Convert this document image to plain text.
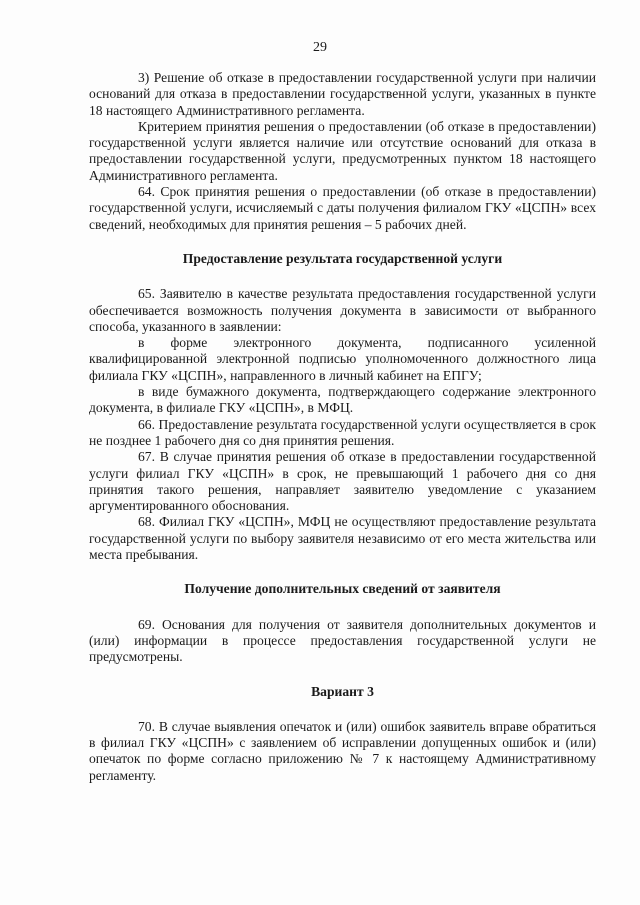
29

3) Решение об отказе в предоставлении государственной услуги при наличии оснований для отказа в предоставлении государственной услуги, указанных в пункте 18 настоящего Административного регламента.

Критерием принятия решения о предоставлении (об отказе в предоставлении) государственной услуги является наличие или отсутствие оснований для отказа в предоставлении государственной услуги, предусмотренных пунктом 18 настоящего Административного регламента.

64. Срок принятия решения о предоставлении (об отказе в предоставлении) государственной услуги, исчисляемый с даты получения филиалом ГКУ «ЦСПН» всех сведений, необходимых для принятия решения – 5 рабочих дней.

Предоставление результата государственной услуги

65. Заявителю в качестве результата предоставления государственной услуги обеспечивается возможность получения документа в зависимости от выбранного способа, указанного в заявлении:

в форме электронного документа, подписанного усиленной квалифицированной электронной подписью уполномоченного должностного лица филиала ГКУ «ЦСПН», направленного в личный кабинет на ЕПГУ;

в виде бумажного документа, подтверждающего содержание электронного документа, в филиале ГКУ «ЦСПН», в МФЦ.

66. Предоставление результата государственной услуги осуществляется в срок не позднее 1 рабочего дня со дня принятия решения.

67. В случае принятия решения об отказе в предоставлении государственной услуги филиал ГКУ «ЦСПН» в срок, не превышающий 1 рабочего дня со дня принятия такого решения, направляет заявителю уведомление с указанием аргументированного обоснования.

68. Филиал ГКУ «ЦСПН», МФЦ не осуществляют предоставление результата государственной услуги по выбору заявителя независимо от его места жительства или места пребывания.

Получение дополнительных сведений от заявителя

69. Основания для получения от заявителя дополнительных документов и (или) информации в процессе предоставления государственной услуги не предусмотрены.

Вариант 3

70. В случае выявления опечаток и (или) ошибок заявитель вправе обратиться в филиал ГКУ «ЦСПН» с заявлением об исправлении допущенных ошибок и (или) опечаток по форме согласно приложению № 7 к настоящему Административному регламенту.
